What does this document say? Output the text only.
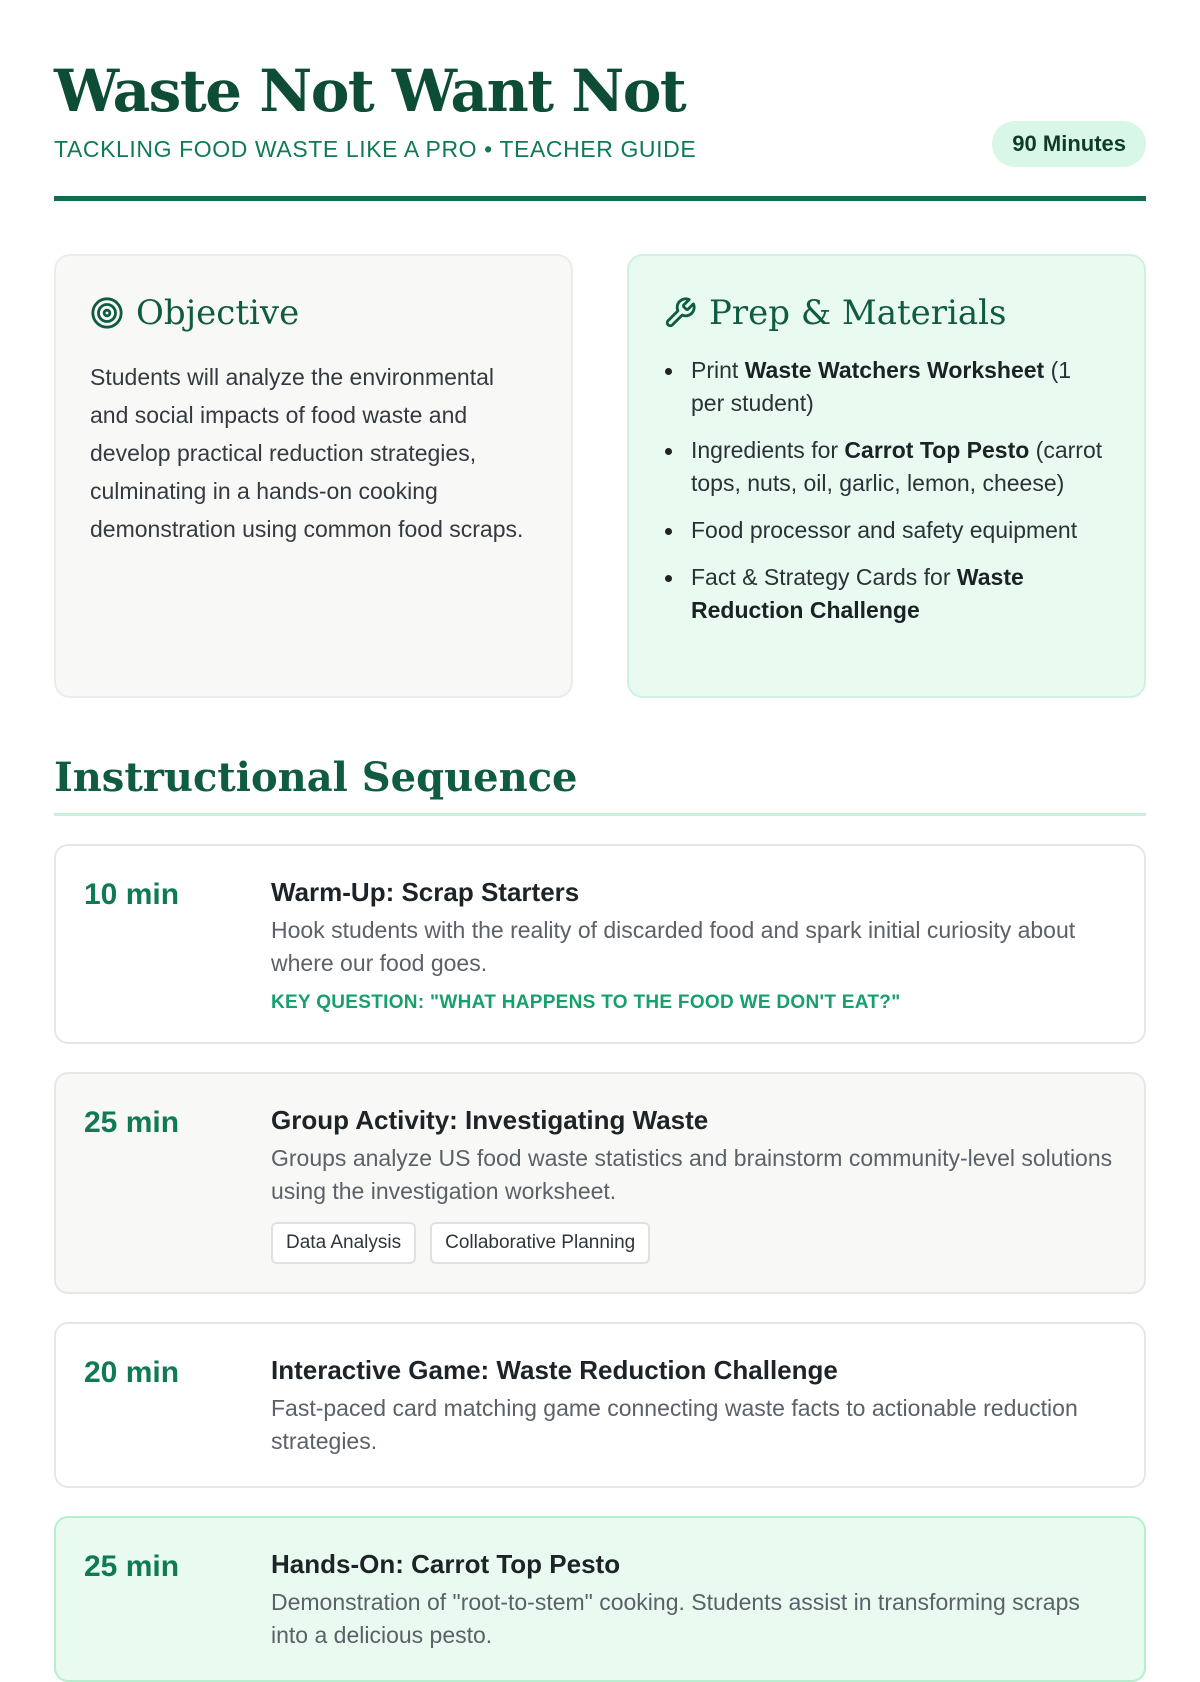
Waste Not Want Not
TACKLING FOOD WASTE LIKE A PRO • TEACHER GUIDE	90 Minutes
Objective

Students will analyze the environmental and social impacts of food waste and develop practical reduction strategies, culminating in a hands-on cooking demonstration using common food scraps.

Prep & Materials
Print Waste Watchers Worksheet (1 per student)
Ingredients for Carrot Top Pesto (carrot tops, nuts, oil, garlic, lemon, cheese)
Food processor and safety equipment
Fact & Strategy Cards for Waste Reduction Challenge
Instructional Sequence
10 min	Warm-Up: Scrap Starters
Hook students with the reality of discarded food and spark initial curiosity about where our food goes.
KEY QUESTION: "WHAT HAPPENS TO THE FOOD WE DON'T EAT?"
25 min	Group Activity: Investigating Waste
Groups analyze US food waste statistics and brainstorm community-level solutions using the investigation worksheet.
Data Analysis	Collaborative Planning
20 min	Interactive Game: Waste Reduction Challenge
Fast-paced card matching game connecting waste facts to actionable reduction strategies.
25 min	Hands-On: Carrot Top Pesto
Demonstration of "root-to-stem" cooking. Students assist in transforming scraps into a delicious pesto.
